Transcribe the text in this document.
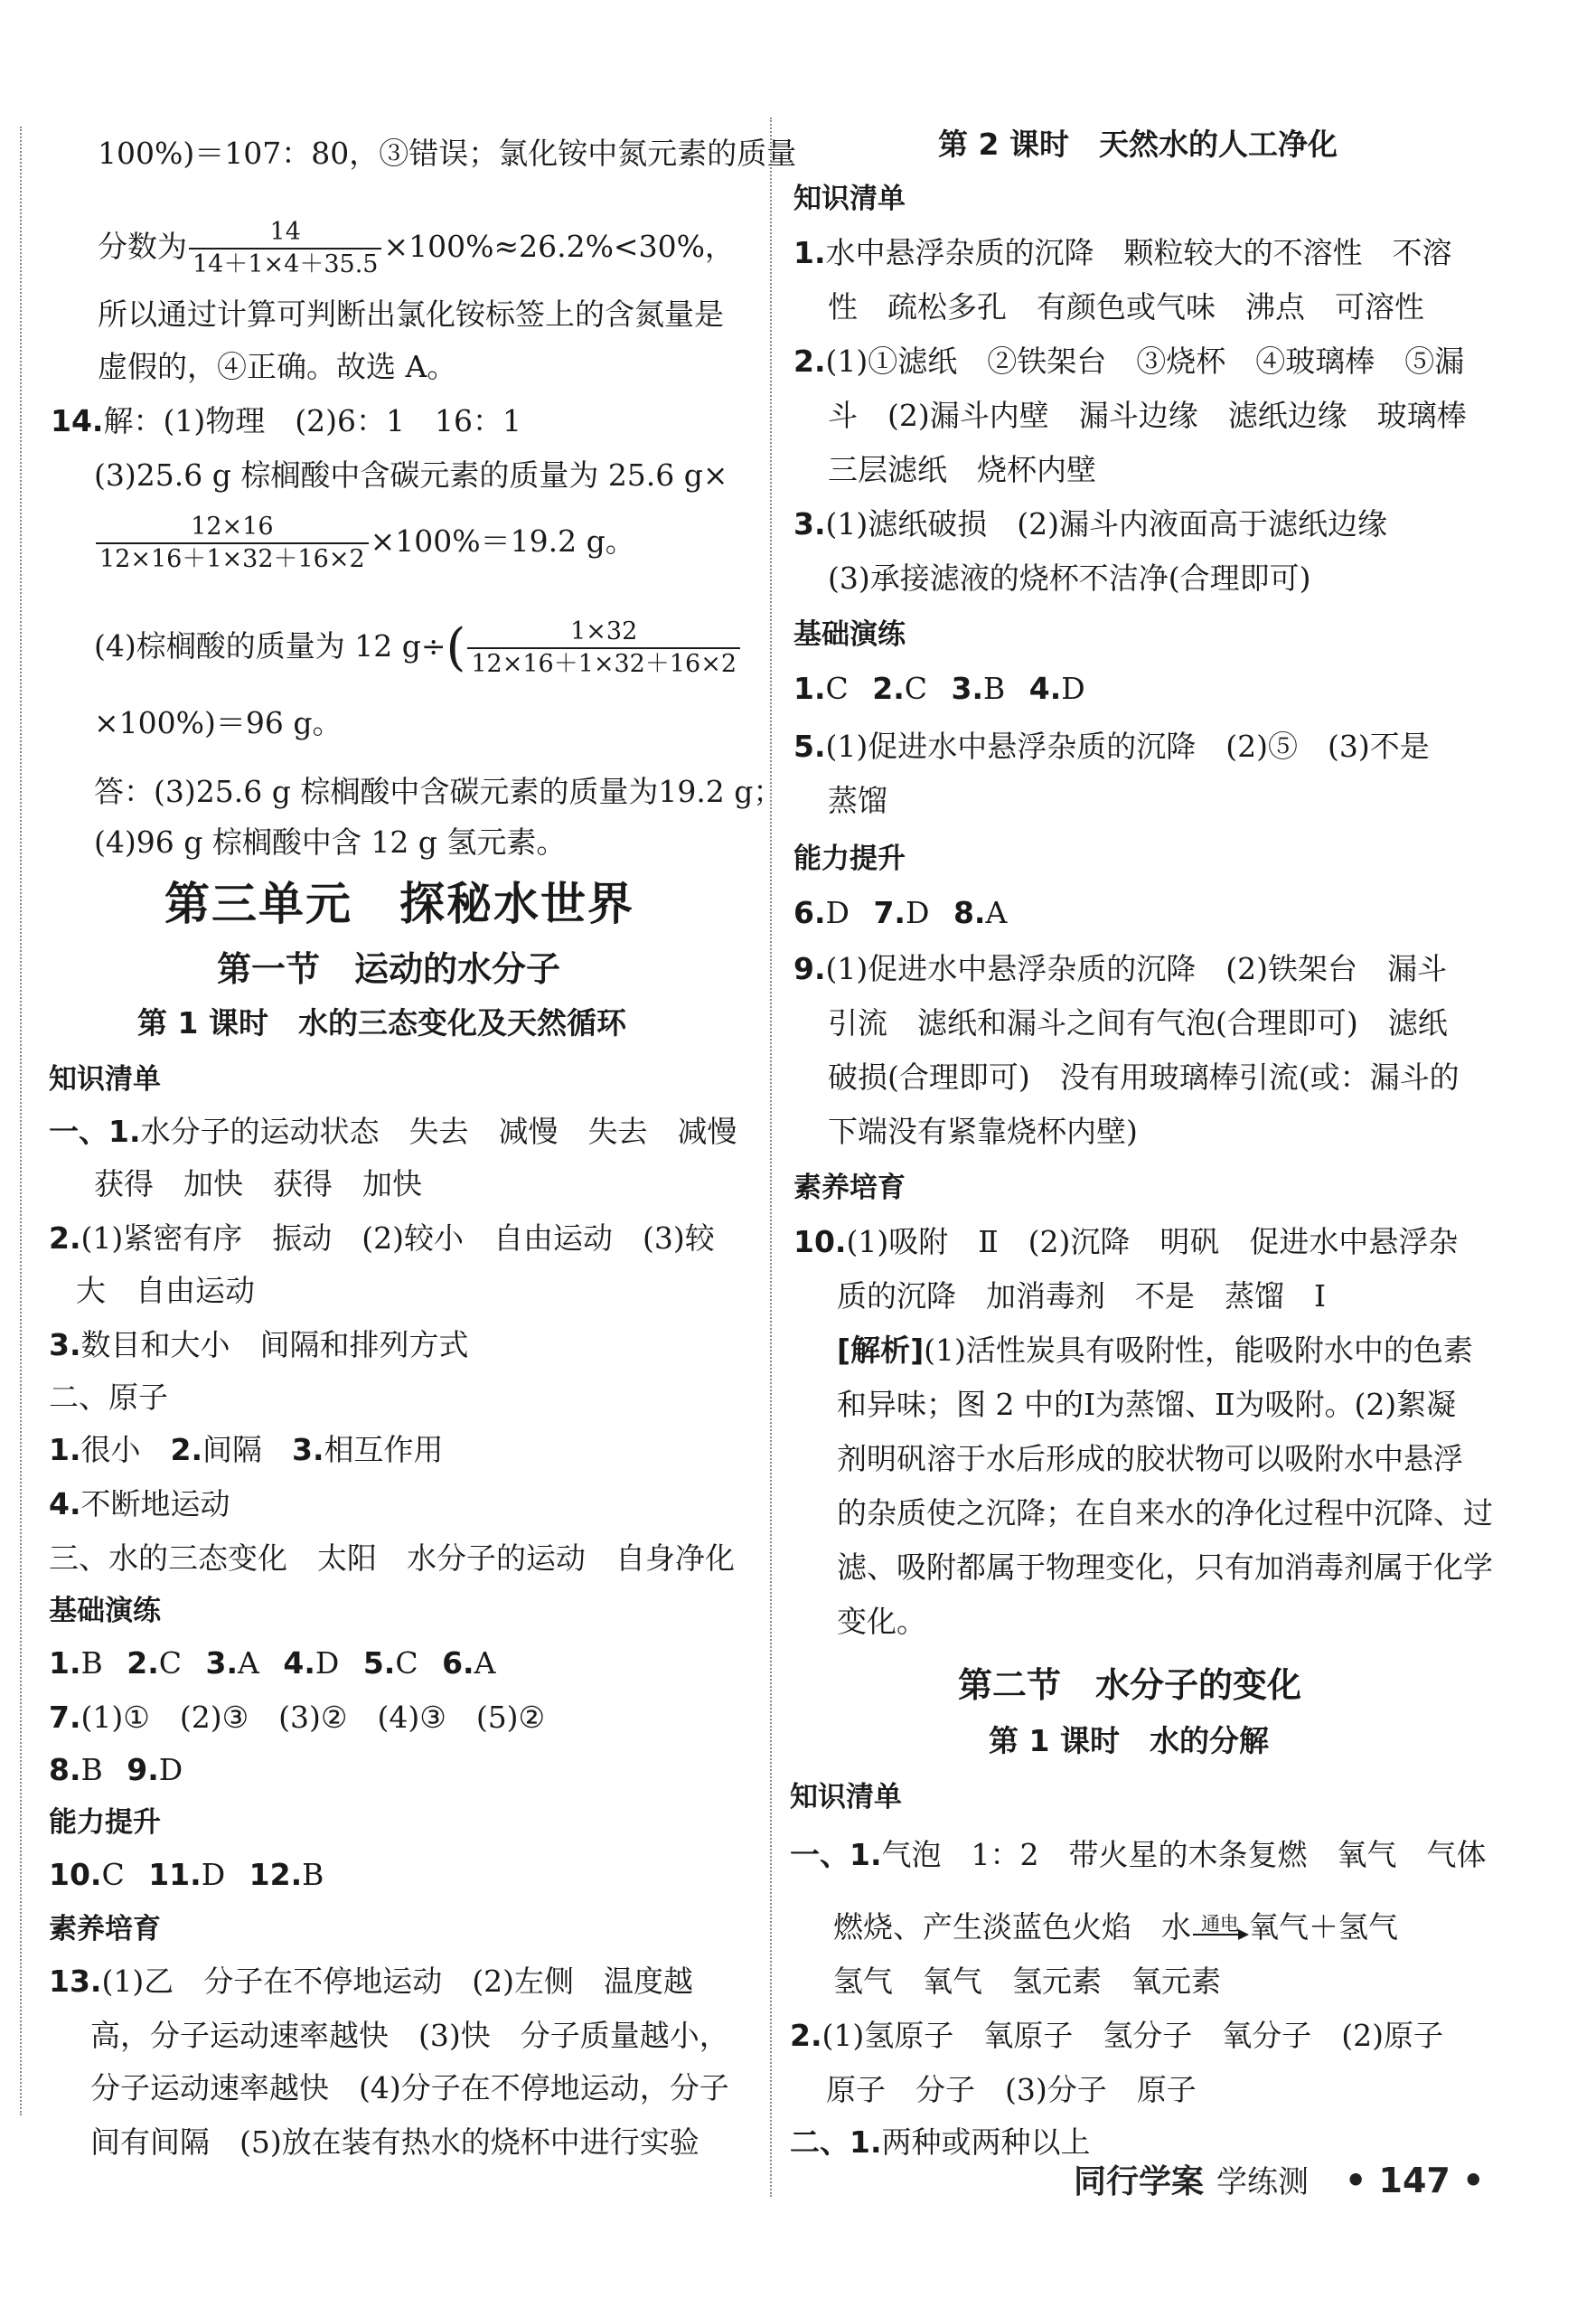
100%)＝107：80，③错误；氯化铵中氮元素的质量
分数为 $\frac{14}{14+1\times 4+35.5} \times 100\%\approx 26.2\%<30\%$，
所以通过计算可判断出氯化铵标签上的含氮量是
虚假的，④正确。故选 A。
14.解：(1)物理　(2)6：1　16：1
(3)25.6 g 棕榈酸中含碳元素的质量为 25.6 g×
$\frac{12\times 16}{12\times 16+1\times 32+16\times 2} \times 100\%=19.2$ g。
(4)棕榈酸的质量为 12 $g\div( \frac{1\times 32}{12\times 16+1\times 32+16\times 2}$
×100%)＝96 g。
答：(3)25.6 g 棕榈酸中含碳元素的质量为19.2 g；
(4)96 g 棕榈酸中含 12 g 氢元素。
第三单元　探秘水世界
第一节　运动的水分子
第 1 课时　水的三态变化及天然循环
知识清单
一、1.水分子的运动状态　失去　减慢　失去　减慢
获得　加快　获得　加快
2.(1)紧密有序　振动　(2)较小　自由运动　(3)较
大　自由运动
3.数目和大小　间隔和排列方式
二、原子
1.很小　2.间隔　3.相互作用
4.不断地运动
三、水的三态变化　太阳　水分子的运动　自身净化
基础演练
1.B 2.C 3.A 4.D 5.C 6.A
7.(1)①　(2)③　(3)②　(4)③　(5)②
8.B 9.D
能力提升
10.C 11.D 12.B
素养培育
13.(1)乙　分子在不停地运动　(2)左侧　温度越
高，分子运动速率越快　(3)快　分子质量越小，
分子运动速率越快　(4)分子在不停地运动，分子
间有间隔　(5)放在装有热水的烧杯中进行实验
第 2 课时　天然水的人工净化
知识清单
1.水中悬浮杂质的沉降　颗粒较大的不溶性　不溶
性　疏松多孔　有颜色或气味　沸点　可溶性
2.(1)①滤纸　②铁架台　③烧杯　④玻璃棒　⑤漏
斗　(2)漏斗内壁　漏斗边缘　滤纸边缘　玻璃棒
三层滤纸　烧杯内壁
3.(1)滤纸破损　(2)漏斗内液面高于滤纸边缘
(3)承接滤液的烧杯不洁净(合理即可)
基础演练
1.C 2.C 3.B 4.D
5.(1)促进水中悬浮杂质的沉降　(2)⑤　(3)不是
蒸馏
能力提升
6.D 7.D 8.A
9.(1)促进水中悬浮杂质的沉降　(2)铁架台　漏斗
引流　滤纸和漏斗之间有气泡(合理即可)　滤纸
破损(合理即可)　没有用玻璃棒引流(或：漏斗的
下端没有紧靠烧杯内壁)
素养培育
10.(1)吸附　Ⅱ　(2)沉降　明矾　促进水中悬浮杂
质的沉降　加消毒剂　不是　蒸馏　Ⅰ
[解析](1)活性炭具有吸附性，能吸附水中的色素
和异味；图 2 中的Ⅰ为蒸馏、Ⅱ为吸附。(2)絮凝
剂明矾溶于水后形成的胶状物可以吸附水中悬浮
的杂质使之沉降；在自来水的净化过程中沉降、过
滤、吸附都属于物理变化，只有加消毒剂属于化学
变化。
第二节　水分子的变化
第 1 课时　水的分解
知识清单
一、1.气泡　1：2　带火星的木条复燃　氧气　气体
燃烧、产生淡蓝色火焰　水 通电 氧气＋氢气
氢气　氧气　氢元素　氧元素
2.(1)氢原子　氧原子　氢分子　氧分子　(2)原子
原子　分子　(3)分子　原子
二、1.两种或两种以上
同行学案 学练测 • 147 •
